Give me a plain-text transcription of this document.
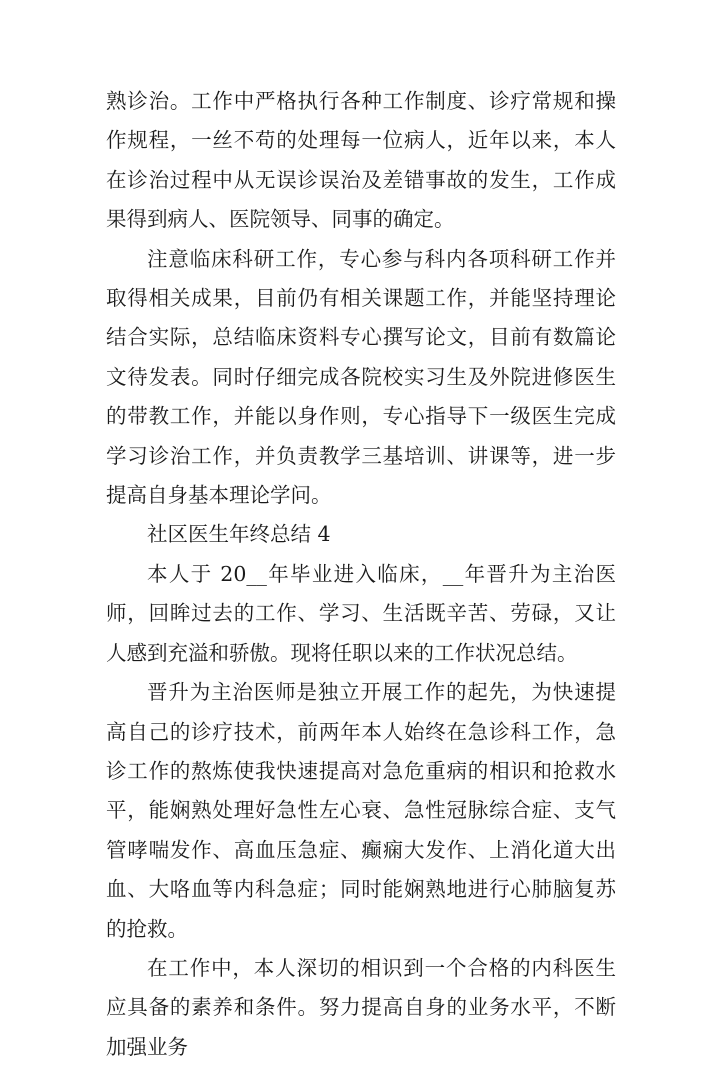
熟诊治。工作中严格执行各种工作制度、诊疗常规和操作规程，一丝不苟的处理每一位病人，近年以来，本人在诊治过程中从无误诊误治及差错事故的发生，工作成果得到病人、医院领导、同事的确定。

注意临床科研工作，专心参与科内各项科研工作并取得相关成果，目前仍有相关课题工作，并能坚持理论结合实际，总结临床资料专心撰写论文，目前有数篇论文待发表。同时仔细完成各院校实习生及外院进修医生的带教工作，并能以身作则，专心指导下一级医生完成学习诊治工作，并负责教学三基培训、讲课等，进一步提高自身基本理论学问。

社区医生年终总结 4

本人于 20__年毕业进入临床，__年晋升为主治医师，回眸过去的工作、学习、生活既辛苦、劳碌，又让人感到充溢和骄傲。现将任职以来的工作状况总结。

晋升为主治医师是独立开展工作的起先，为快速提高自己的诊疗技术，前两年本人始终在急诊科工作，急诊工作的熬炼使我快速提高对急危重病的相识和抢救水平，能娴熟处理好急性左心衰、急性冠脉综合症、支气管哮喘发作、高血压急症、癫痫大发作、上消化道大出血、大咯血等内科急症；同时能娴熟地进行心肺脑复苏的抢救。

在工作中，本人深切的相识到一个合格的内科医生应具备的素养和条件。努力提高自身的业务水平，不断加强业务
